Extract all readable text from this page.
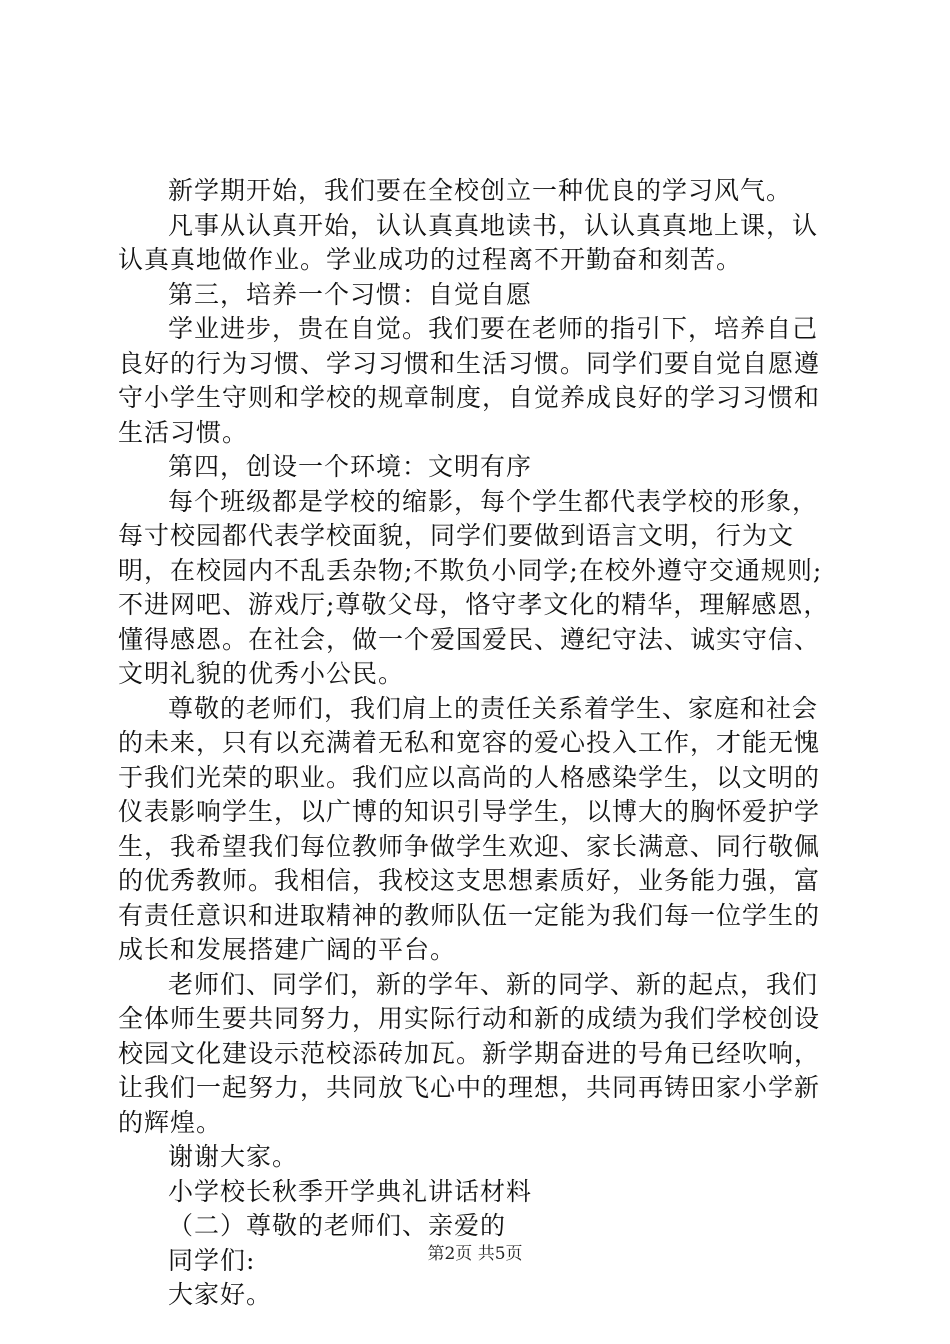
新学期开始，我们要在全校创立一种优良的学习风气。

凡事从认真开始，认认真真地读书，认认真真地上课，认认真真地做作业。学业成功的过程离不开勤奋和刻苦。

第三，培养一个习惯：自觉自愿

学业进步，贵在自觉。我们要在老师的指引下，培养自己良好的行为习惯、学习习惯和生活习惯。同学们要自觉自愿遵守小学生守则和学校的规章制度，自觉养成良好的学习习惯和生活习惯。

第四，创设一个环境：文明有序

每个班级都是学校的缩影，每个学生都代表学校的形象，每寸校园都代表学校面貌，同学们要做到语言文明，行为文明，在校园内不乱丢杂物;不欺负小同学;在校外遵守交通规则;不进网吧、游戏厅;尊敬父母，恪守孝文化的精华，理解感恩，懂得感恩。在社会，做一个爱国爱民、遵纪守法、诚实守信、文明礼貌的优秀小公民。

尊敬的老师们，我们肩上的责任关系着学生、家庭和社会的未来，只有以充满着无私和宽容的爱心投入工作，才能无愧于我们光荣的职业。我们应以高尚的人格感染学生，以文明的仪表影响学生，以广博的知识引导学生，以博大的胸怀爱护学生，我希望我们每位教师争做学生欢迎、家长满意、同行敬佩的优秀教师。我相信，我校这支思想素质好，业务能力强，富有责任意识和进取精神的教师队伍一定能为我们每一位学生的成长和发展搭建广阔的平台。

老师们、同学们，新的学年、新的同学、新的起点，我们全体师生要共同努力，用实际行动和新的成绩为我们学校创设校园文化建设示范校添砖加瓦。新学期奋进的号角已经吹响，让我们一起努力，共同放飞心中的理想，共同再铸田家小学新的辉煌。

谢谢大家。

小学校长秋季开学典礼讲话材料

（二）尊敬的老师们、亲爱的

同学们:

大家好。

第2页 共5页
